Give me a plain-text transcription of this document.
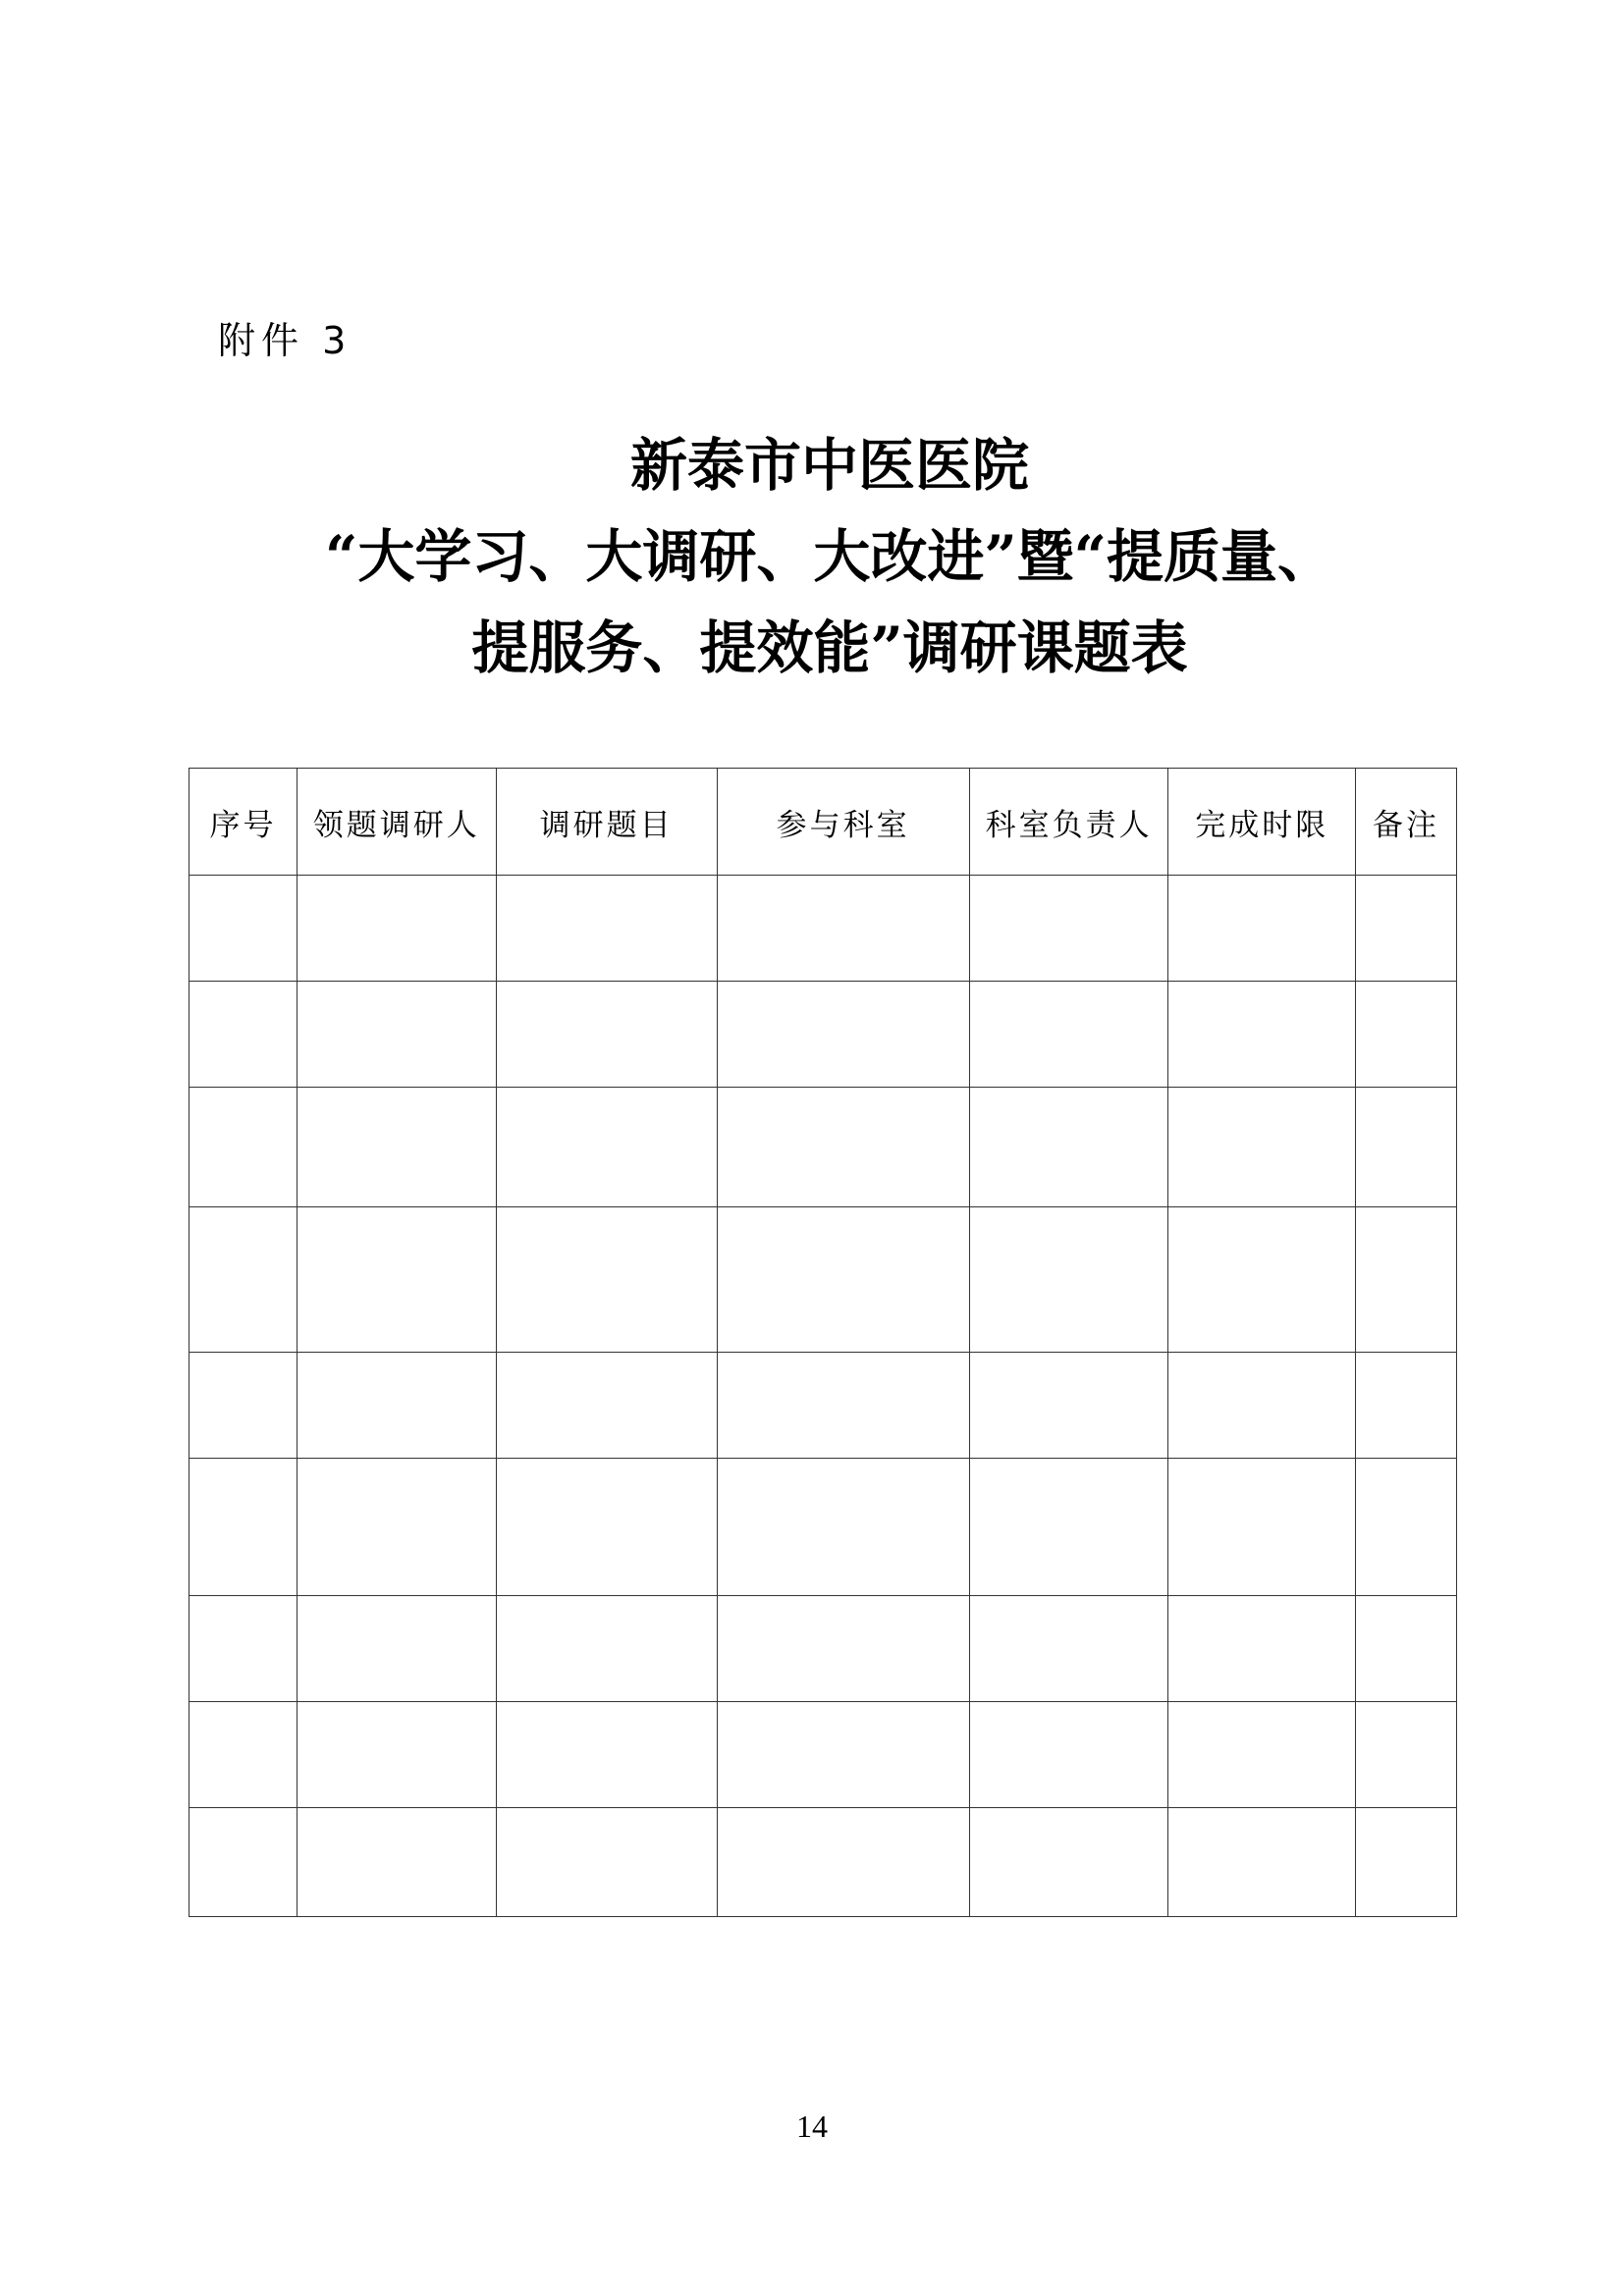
附件 3
新泰市中医医院
“大学习、大调研、大改进”暨“提质量、
提服务、提效能”调研课题表
序号	领题调研人	调研题目	参与科室	科室负责人	完成时限	备注

14
